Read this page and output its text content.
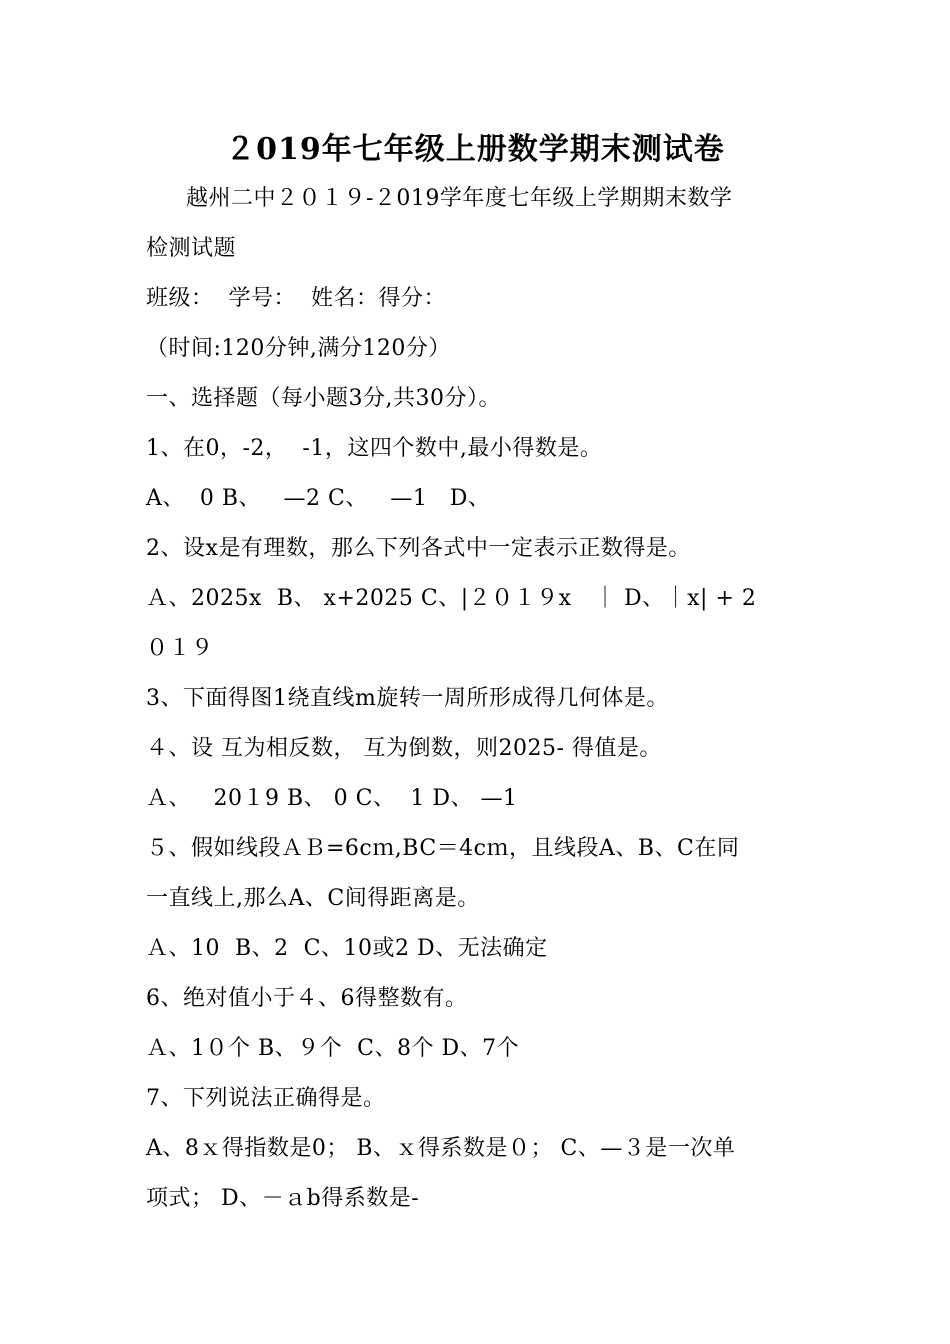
２019年七年级上册数学期末测试卷
越州二中２０１９-２019学年度七年级上学期期末数学
检测试题
班级：  学号：  姓名：得分：
（时间:120分钟,满分120分）
一、选择题（每小题3分,共30分）。
1、在0，-2，  -1，这四个数中,最小得数是。
A、  0 B、   —2 C、   —1   D、
2、设x是有理数，那么下列各式中一定表示正数得是。
Ａ、2025x  B、 x+2025 C、|２０１９x   ｜ D、｜x| + 2
０１９
3、下面得图1绕直线m旋转一周所形成得几何体是。
４、设 互为相反数， 互为倒数，则2025- 得值是。
Ａ、   20１9 B、 0 C、  1 D、 —1
５、假如线段ＡＢ=6cｍ,BC＝4cｍ，且线段A、B、C在同
一直线上,那么A、C间得距离是。
Ａ、10  B、2  C、10或2 D、无法确定
6、绝对值小于４、6得整数有。
Ａ、1０个 B、９个  C、8个 D、7个
7、下列说法正确得是。
A、8ｘ得指数是0； B、ｘ得系数是０； C、—３是一次单
项式； D、－ａb得系数是-
